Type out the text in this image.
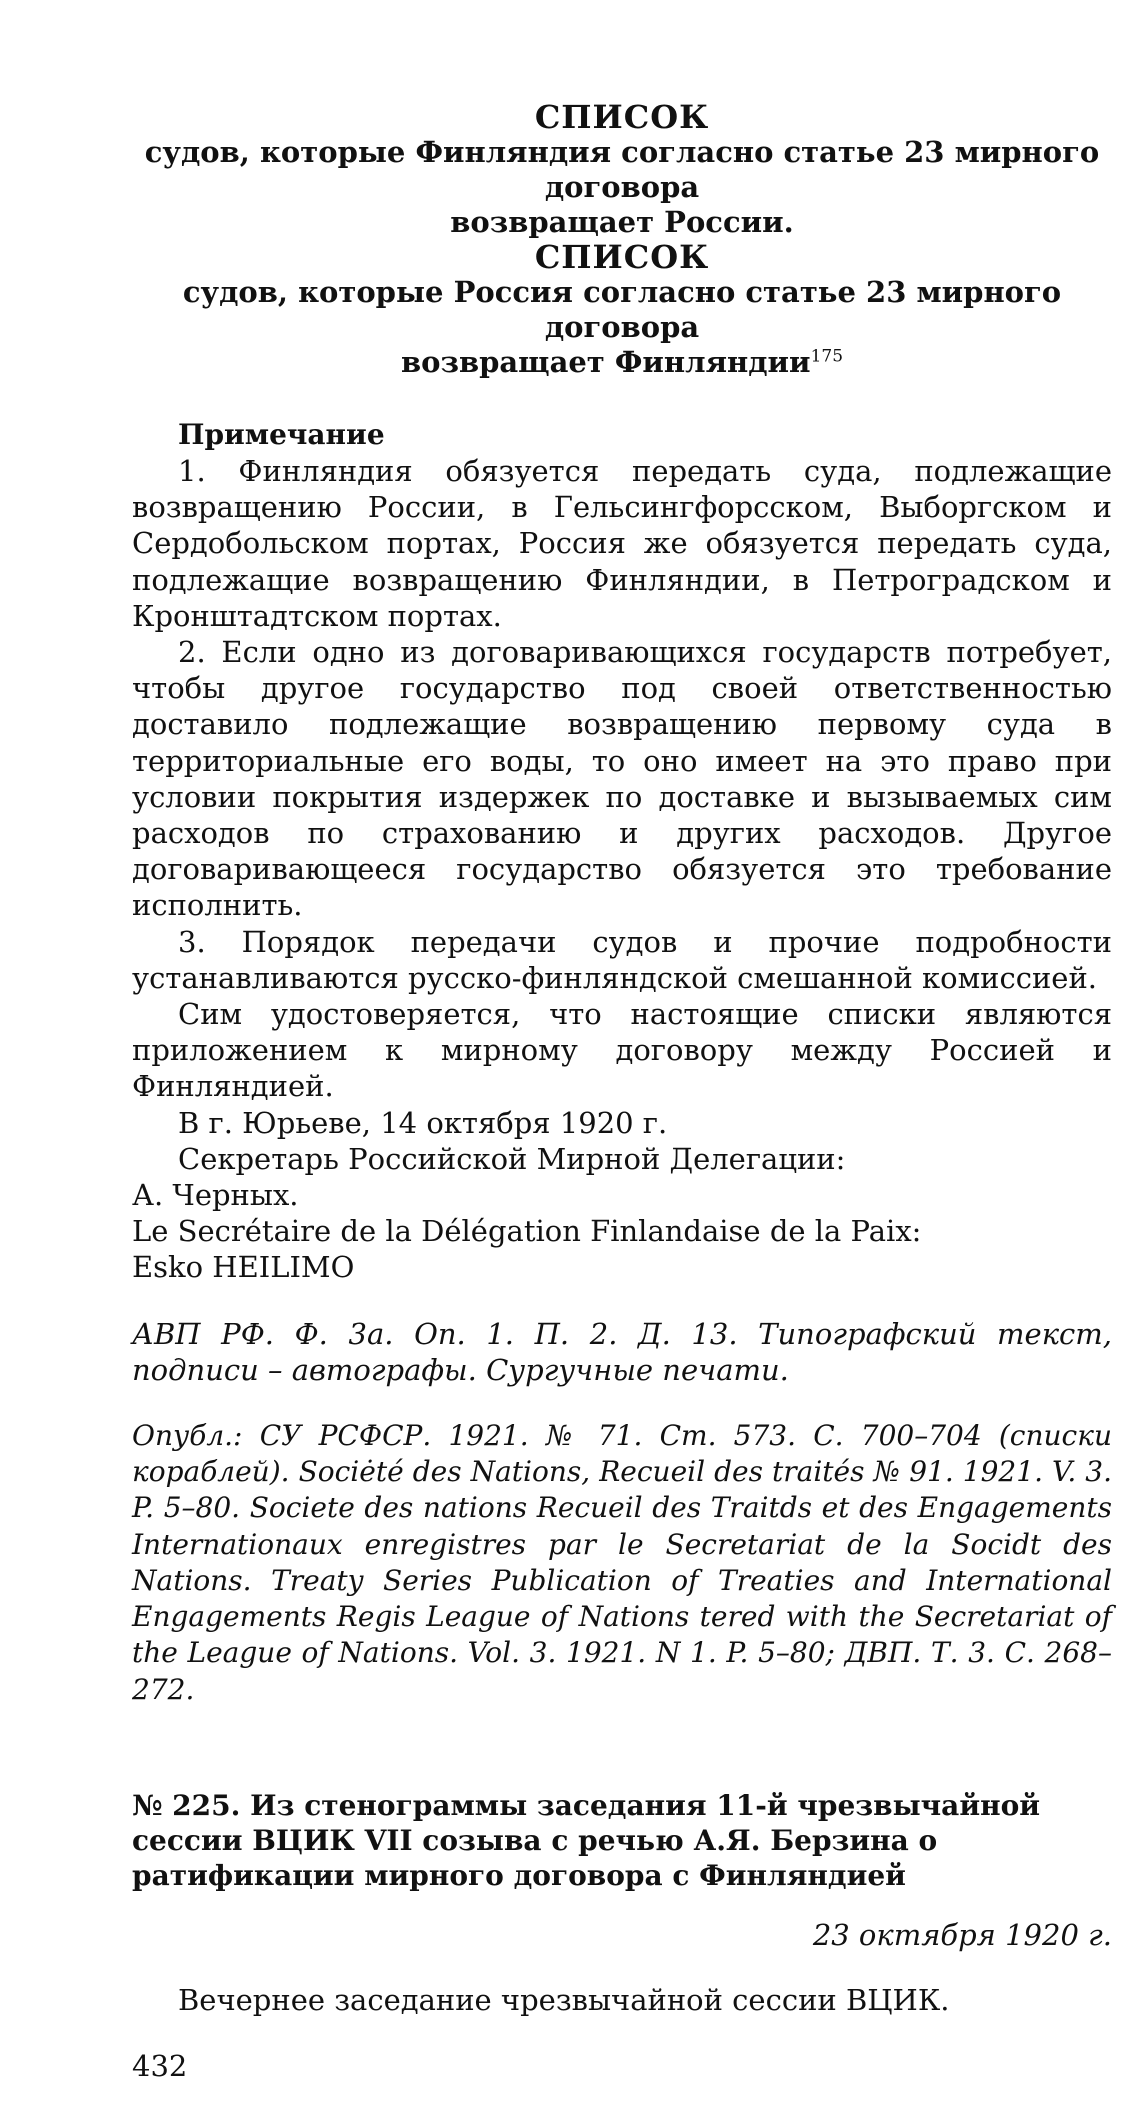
СПИСОК

судов, которые Финляндия согласно статье 23 мирного договора

возвращает России.

СПИСОК

судов, которые Россия согласно статье 23 мирного договора

возвращает Финляндии$^{175}$

Примечание

1. Финляндия обязуется передать суда, подлежащие возвращению России, в Гельсингфорсском, Выборгском и Сердобольском портах, Россия же обязуется передать суда, подлежащие возвращению Финляндии, в Петроградском и Кронштадтском портах.

2. Если одно из договаривающихся государств потребует, чтобы другое государство под своей ответственностью доставило подлежащие возвращению первому суда в территориальные его воды, то оно имеет на это право при условии покрытия издержек по доставке и вызываемых сим расходов по страхованию и других расходов. Другое договаривающееся государство обязуется это требование исполнить.

3. Порядок передачи судов и прочие подробности устанавливаются русско-финляндской смешанной комиссией.

Сим удостоверяется, что настоящие списки являются приложением к мирному договору между Россией и Финляндией.

В г. Юрьеве, 14 октября 1920 г.

Секретарь Российской Мирной Делегации:

А. Черных.

Le Secrétaire de la Délégation Finlandaise de la Paix:

Esko HEILIMO

АВП РФ. Ф. 3а. Оп. 1. П. 2. Д. 13. Типографский текст, подписи – автографы. Сургучные печати.

Опубл.: СУ РСФСР. 1921. № 71. Ст. 573. С. 700–704 (списки кораблей). Sociėté des Nations, Recueil des traités № 91. 1921. V. 3. P. 5–80. Societe des nations Recueil des Traitds et des Engagements Internationaux enregistres par le Secretariat de la Socidt des Nations. Treaty Series Publication of Treaties and International Engagements Regis League of Nations tered with the Secretariat of the League of Nations. Vol. 3. 1921. N 1. P. 5–80; ДВП. Т. 3. С. 268–272.

№ 225. Из стенограммы заседания 11-й чрезвычайной сессии ВЦИК VII созыва с речью А.Я. Берзина о ратификации мирного договора с Финляндией

23 октября 1920 г.

Вечернее заседание чрезвычайной сессии ВЦИК.

432
